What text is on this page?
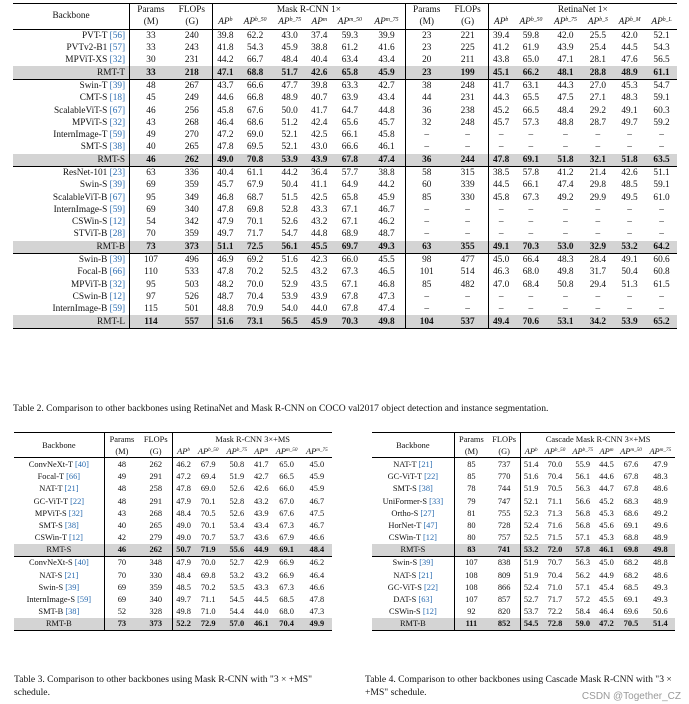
Backbone	Params	FLOPs	Mask R-CNN 1×						Params	FLOPs	RetinaNet 1×					
	(M)	(G)	AP b	AP b_50	AP b_75	AP m	AP m_50	AP m_75	(M)	(G)	AP b	AP b_50	AP b_75	AP b_S	AP b_M	AP b_L

PVT-T [56]	33	240	39.8	62.2	43.0	37.4	59.3	39.9	23	221	39.4	59.8	42.0	25.5	42.0	52.1
PVTv2-B1 [57]	33	243	41.8	54.3	45.9	38.8	61.2	41.6	23	225	41.2	61.9	43.9	25.4	44.5	54.3
MPViT-XS [32]	30	231	44.2	66.7	48.4	40.4	63.4	43.4	20	211	43.8	65.0	47.1	28.1	47.6	56.5
RMT-T	33	218	47.1	68.8	51.7	42.6	65.8	45.9	23	199	45.1	66.2	48.1	28.8	48.9	61.1
Swin-T [39]	48	267	43.7	66.6	47.7	39.8	63.3	42.7	38	248	41.7	63.1	44.3	27.0	45.3	54.7
CMT-S [18]	45	249	44.6	66.8	48.9	40.7	63.9	43.4	44	231	44.3	65.5	47.5	27.1	48.3	59.1
ScalableViT-S [67]	46	256	45.8	67.6	50.0	41.7	64.7	44.8	36	238	45.2	66.5	48.4	29.2	49.1	60.3
MPViT-S [32]	43	268	46.4	68.6	51.2	42.4	65.6	45.7	32	248	45.7	57.3	48.8	28.7	49.7	59.2
InternImage-T [59]	49	270	47.2	69.0	52.1	42.5	66.1	45.8	–	–	–	–	–	–	–	–
SMT-S [38]	40	265	47.8	69.5	52.1	43.0	66.6	46.1	–	–	–	–	–	–	–	–
RMT-S	46	262	49.0	70.8	53.9	43.9	67.8	47.4	36	244	47.8	69.1	51.8	32.1	51.8	63.5
ResNet-101 [23]	63	336	40.4	61.1	44.2	36.4	57.7	38.8	58	315	38.5	57.8	41.2	21.4	42.6	51.1
Swin-S [39]	69	359	45.7	67.9	50.4	41.1	64.9	44.2	60	339	44.5	66.1	47.4	29.8	48.5	59.1
ScalableViT-B [67]	95	349	46.8	68.7	51.5	42.5	65.8	45.9	85	330	45.8	67.3	49.2	29.9	49.5	61.0
InternImage-S [59]	69	340	47.8	69.8	52.8	43.3	67.1	46.7	–	–	–	–	–	–	–	–
CSWin-S [12]	54	342	47.9	70.1	52.6	43.2	67.1	46.2	–	–	–	–	–	–	–	–
STViT-B [28]	70	359	49.7	71.7	54.7	44.8	68.9	48.7	–	–	–	–	–	–	–	–
RMT-B	73	373	51.1	72.5	56.1	45.5	69.7	49.3	63	355	49.1	70.3	53.0	32.9	53.2	64.2
Swin-B [39]	107	496	46.9	69.2	51.6	42.3	66.0	45.5	98	477	45.0	66.4	48.3	28.4	49.1	60.6
Focal-B [66]	110	533	47.8	70.2	52.5	43.2	67.3	46.5	101	514	46.3	68.0	49.8	31.7	50.4	60.8
MPViT-B [32]	95	503	48.2	70.0	52.9	43.5	67.1	46.8	85	482	47.0	68.4	50.8	29.4	51.3	61.5
CSwin-B [12]	97	526	48.7	70.4	53.9	43.9	67.8	47.3	–	–	–	–	–	–	–	–
InternImage-B [59]	115	501	48.8	70.9	54.0	44.0	67.8	47.4	–	–	–	–	–	–	–	–
RMT-L	114	557	51.6	73.1	56.5	45.9	70.3	49.8	104	537	49.4	70.6	53.1	34.2	53.9	65.2
Table 2. Comparison to other backbones using RetinaNet and Mask R-CNN on COCO val2017 object detection and instance segmentation.
Backbone	Params	FLOPs	Mask R-CNN 3×+MS					
	(M)	(G)	AP b	AP b_50	AP b_75	AP m	AP m_50	AP m_75

ConvNeXt-T [40]	48	262	46.2	67.9	50.8	41.7	65.0	45.0
Focal-T [66]	49	291	47.2	69.4	51.9	42.7	66.5	45.9
NAT-T [21]	48	258	47.8	69.0	52.6	42.6	66.0	45.9
GC-ViT-T [22]	48	291	47.9	70.1	52.8	43.2	67.0	46.7
MPViT-S [32]	43	268	48.4	70.5	52.6	43.9	67.6	47.5
SMT-S [38]	40	265	49.0	70.1	53.4	43.4	67.3	46.7
CSWin-T [12]	42	279	49.0	70.7	53.7	43.6	67.9	46.6
RMT-S	46	262	50.7	71.9	55.6	44.9	69.1	48.4
ConvNeXt-S [40]	70	348	47.9	70.0	52.7	42.9	66.9	46.2
NAT-S [21]	70	330	48.4	69.8	53.2	43.2	66.9	46.4
Swin-S [39]	69	359	48.5	70.2	53.5	43.3	67.3	46.6
InternImage-S [59]	69	340	49.7	71.1	54.5	44.5	68.5	47.8
SMT-B [38]	52	328	49.8	71.0	54.4	44.0	68.0	47.3
RMT-B	73	373	52.2	72.9	57.0	46.1	70.4	49.9
Table 3. Comparison to other backbones using Mask R-CNN with "3 × +MS" schedule.
Backbone	Params	FLOPs	Cascade Mask R-CNN 3×+MS					
	(M)	(G)	AP b	AP b_50	AP b_75	AP m	AP m_50	AP m_75

NAT-T [21]	85	737	51.4	70.0	55.9	44.5	67.6	47.9
GC-ViT-T [22]	85	770	51.6	70.4	56.1	44.6	67.8	48.3
SMT-S [38]	78	744	51.9	70.5	56.3	44.7	67.8	48.6
UniFormer-S [33]	79	747	52.1	71.1	56.6	45.2	68.3	48.9
Ortho-S [27]	81	755	52.3	71.3	56.8	45.3	68.6	49.2
HorNet-T [47]	80	728	52.4	71.6	56.8	45.6	69.1	49.6
CSWin-T [12]	80	757	52.5	71.5	57.1	45.3	68.8	48.9
RMT-S	83	741	53.2	72.0	57.8	46.1	69.8	49.8
Swin-S [39]	107	838	51.9	70.7	56.3	45.0	68.2	48.8
NAT-S [21]	108	809	51.9	70.4	56.2	44.9	68.2	48.6
GC-ViT-S [22]	108	866	52.4	71.0	57.1	45.4	68.5	49.3
DAT-S [63]	107	857	52.7	71.7	57.2	45.5	69.1	49.3
CSWin-S [12]	92	820	53.7	72.2	58.4	46.4	69.6	50.6
RMT-B	111	852	54.5	72.8	59.0	47.2	70.5	51.4
Table 4. Comparison to other backbones using Cascade Mask R-CNN with "3 × +MS" schedule.	CSDN @Together_CZ
